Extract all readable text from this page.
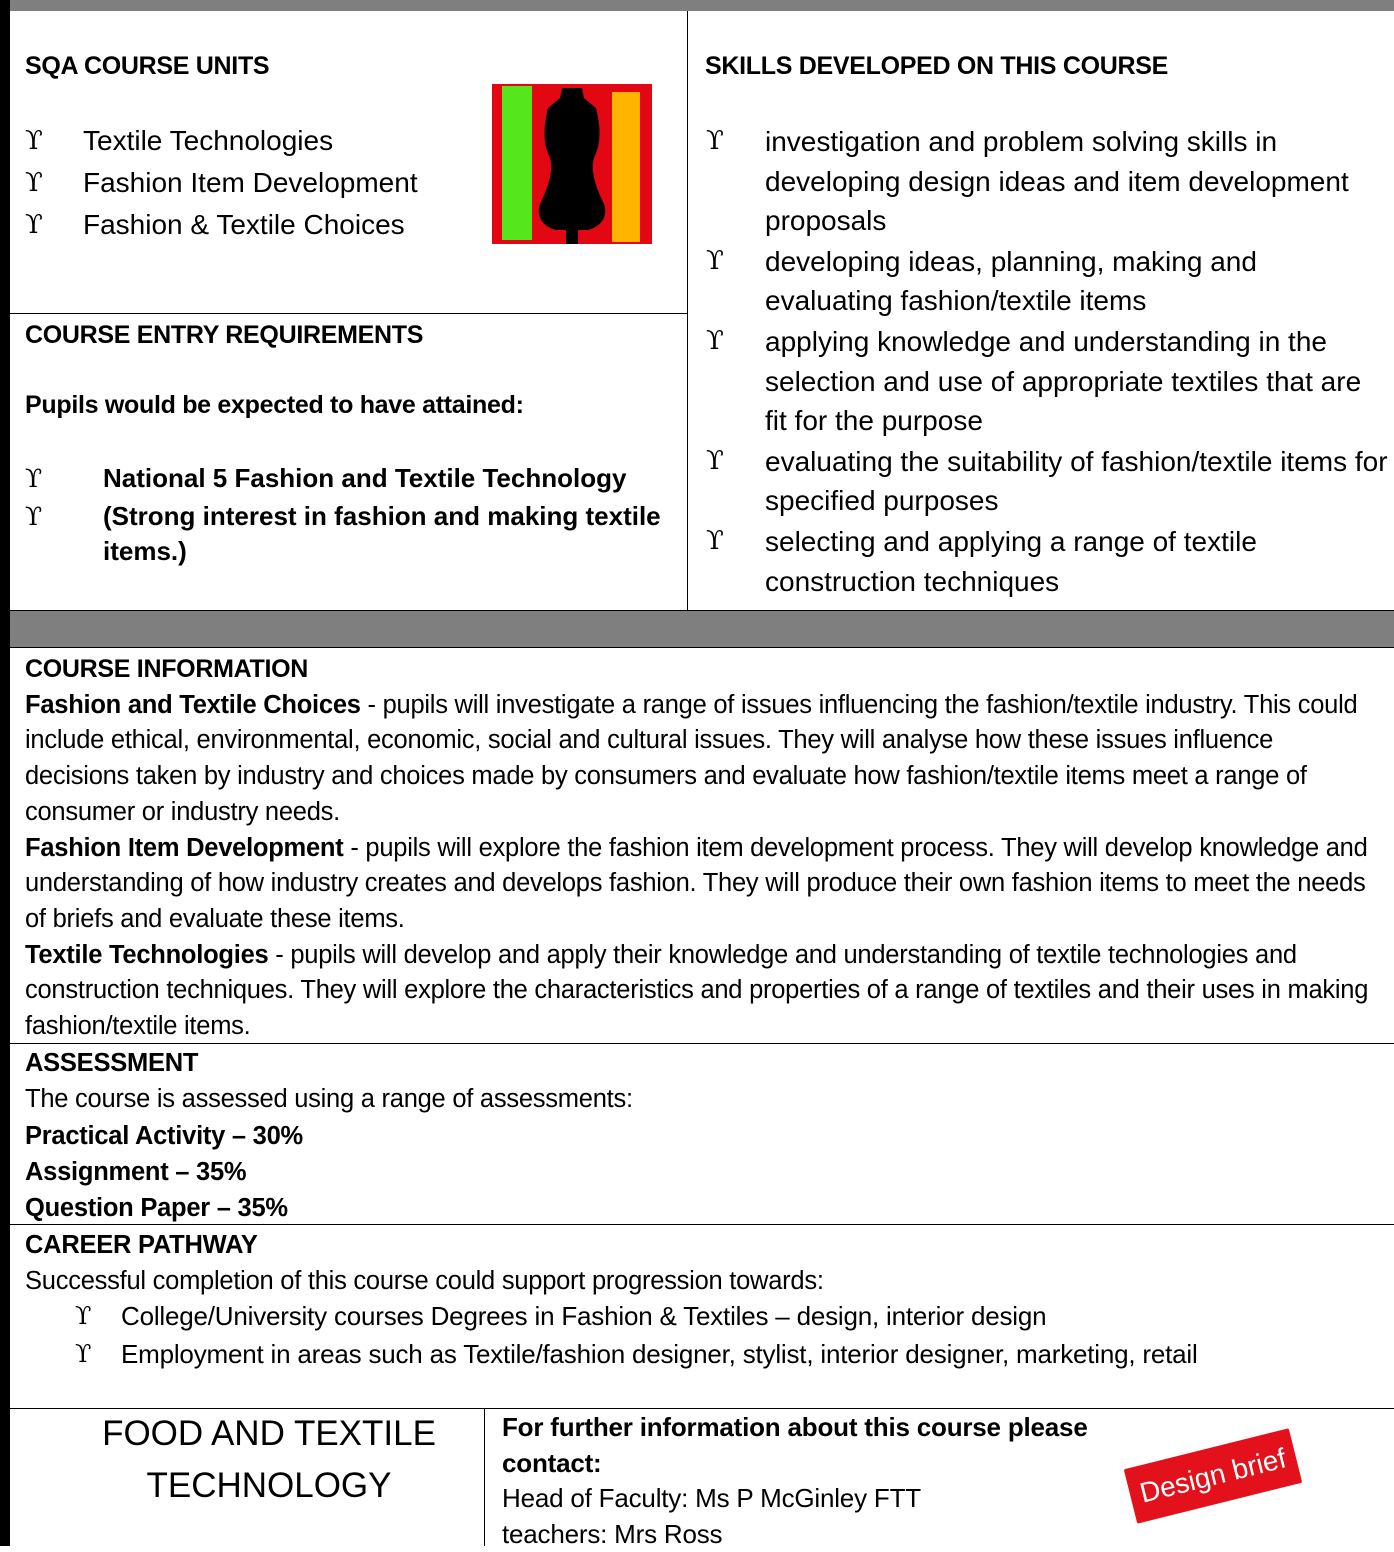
SQA COURSE UNITS
ϒ Textile Technologies
ϒ Fashion Item Development
ϒ Fashion & Textile Choices
SKILLS DEVELOPED ON THIS COURSE
ϒ investigation and problem solving skills in developing design ideas and item development proposals
ϒ developing ideas, planning, making and evaluating fashion/textile items
ϒ applying knowledge and understanding in the selection and use of appropriate textiles that are fit for the purpose
ϒ evaluating the suitability of fashion/textile items for specified purposes
ϒ selecting and applying a range of textile construction techniques
COURSE ENTRY REQUIREMENTS
Pupils would be expected to have attained:
ϒ National 5 Fashion and Textile Technology
ϒ (Strong interest in fashion and making textile items.)

COURSE INFORMATION

Fashion and Textile Choices - pupils will investigate a range of issues influencing the fashion/textile industry. This could include ethical, environmental, economic, social and cultural issues. They will analyse how these issues influence decisions taken by industry and choices made by consumers and evaluate how fashion/textile items meet a range of consumer or industry needs.

Fashion Item Development - pupils will explore the fashion item development process. They will develop knowledge and understanding of how industry creates and develops fashion. They will produce their own fashion items to meet the needs of briefs and evaluate these items.

Textile Technologies - pupils will develop and apply their knowledge and understanding of textile technologies and construction techniques. They will explore the characteristics and properties of a range of textiles and their uses in making fashion/textile items.

ASSESSMENT
The course is assessed using a range of assessments:
Practical Activity – 30%
Assignment – 35%
Question Paper – 35%
CAREER PATHWAY
Successful completion of this course could support progression towards:
ϒ College/University courses Degrees in Fashion & Textiles – design, interior design
ϒ Employment in areas such as Textile/fashion designer, stylist, interior designer, marketing, retail
FOOD AND TEXTILE
TECHNOLOGY
For further information about this course please
contact:
Head of Faculty: Ms P McGinley FTT
teachers: Mrs Ross
Design brief
